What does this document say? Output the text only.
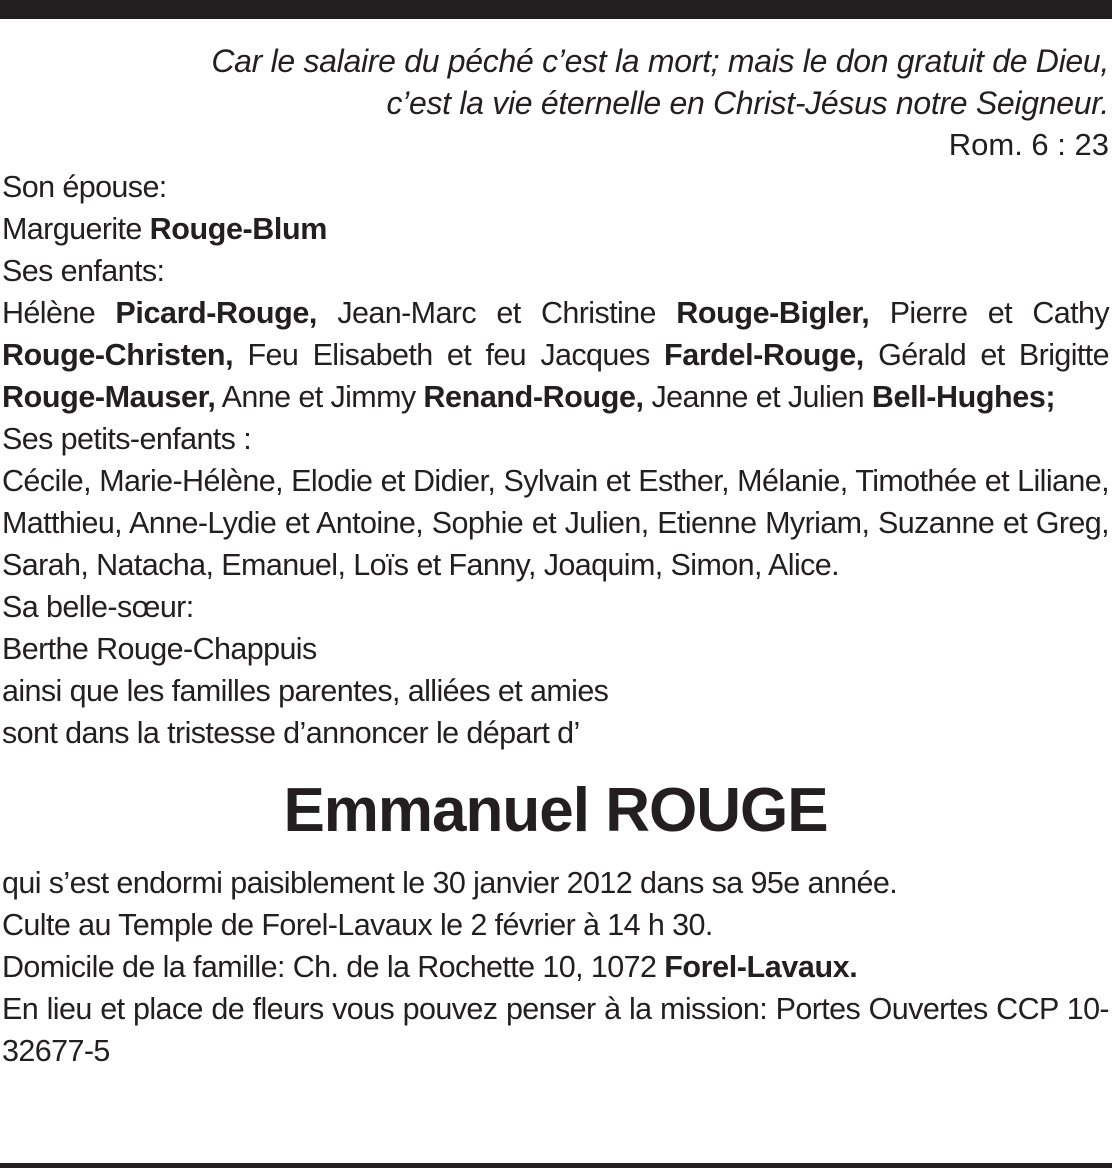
Car le salaire du péché c’est la mort; mais le don gratuit de Dieu,
c’est la vie éternelle en Christ-Jésus notre Seigneur.
Rom. 6 : 23
Son épouse:
Marguerite Rouge-Blum
Ses enfants:
Hélène Picard-Rouge, Jean-Marc et Christine Rouge-Bigler, Pierre et Cathy Rouge-Christen, Feu Elisabeth et feu Jacques Fardel-Rouge, Gérald et Brigitte Rouge-Mauser, Anne et Jimmy Renand-Rouge, Jeanne et Julien Bell-Hughes;
Ses petits-enfants :
Cécile, Marie-Hélène, Elodie et Didier, Sylvain et Esther, Mélanie, Timothée et Liliane, Matthieu, Anne-Lydie et Antoine, Sophie et Julien, Etienne Myriam, Suzanne et Greg, Sarah, Natacha, Emanuel, Loïs et Fanny, Joaquim, Simon, Alice.
Sa belle-sœur:
Berthe Rouge-Chappuis
ainsi que les familles parentes, alliées et amies
sont dans la tristesse d’annoncer le départ d’
Emmanuel ROUGE
qui s’est endormi paisiblement le 30 janvier 2012 dans sa 95e année.
Culte au Temple de Forel-Lavaux le 2 février à 14 h 30.
Domicile de la famille: Ch. de la Rochette 10, 1072 Forel-Lavaux.
En lieu et place de fleurs vous pouvez penser à la mission: Portes Ouvertes CCP 10-32677-5
